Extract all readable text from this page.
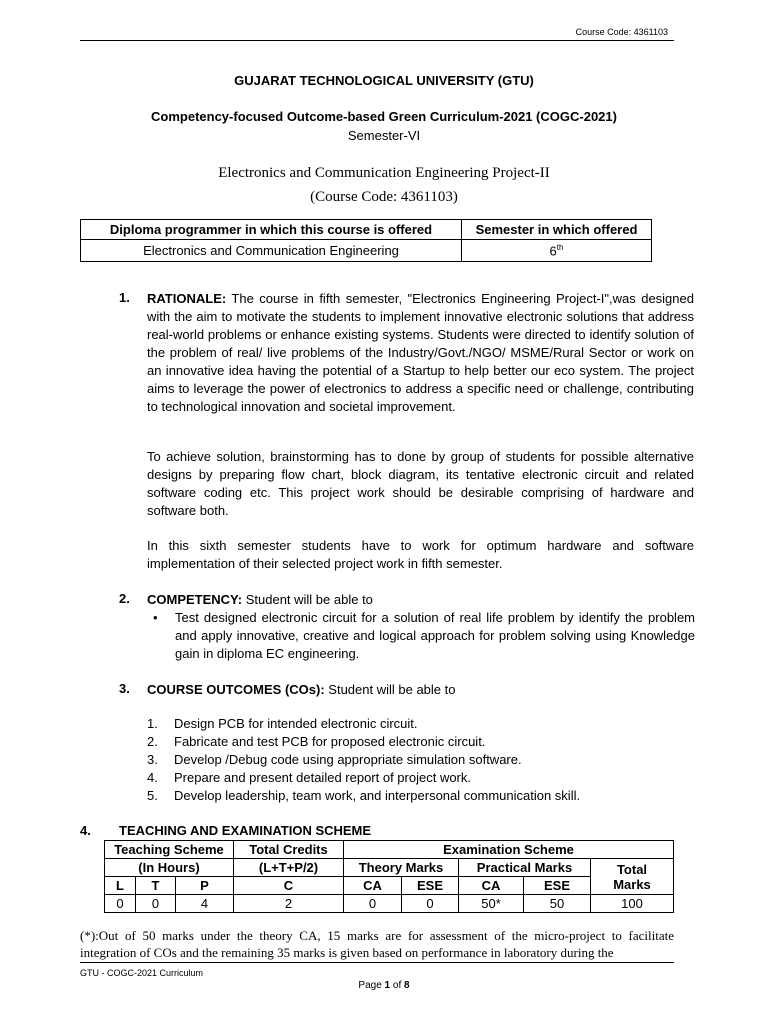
Course Code: 4361103
GUJARAT TECHNOLOGICAL UNIVERSITY (GTU)
Competency-focused Outcome-based Green Curriculum-2021 (COGC-2021)
Semester-VI
Electronics and Communication Engineering Project-II
(Course Code: 4361103)
Diploma programmer in which this course is offered	Semester in which offered
Electronics and Communication Engineering	6th
1. RATIONALE: The course in fifth semester, "Electronics Engineering Project-I",was designed with the aim to motivate the students to implement innovative electronic solutions that address real-world problems or enhance existing systems. Students were directed to identify solution of the problem of real/ live problems of the Industry/Govt./NGO/ MSME/Rural Sector or work on an innovative idea having the potential of a Startup to help better our eco system. The project aims to leverage the power of electronics to address a specific need or challenge, contributing to technological innovation and societal improvement.
To achieve solution, brainstorming has to done by group of students for possible alternative designs by preparing flow chart, block diagram, its tentative electronic circuit and related software coding etc. This project work should be desirable comprising of hardware and software both.
In this sixth semester students have to work for optimum hardware and software implementation of their selected project work in fifth semester.
2. COMPETENCY: Student will be able to
•	Test designed electronic circuit for a solution of real life problem by identify the problem and apply innovative, creative and logical approach for problem solving using Knowledge gain in diploma EC engineering.
3. COURSE OUTCOMES (COs): Student will be able to
1.	Design PCB for intended electronic circuit.
2.	Fabricate and test PCB for proposed electronic circuit.
3.	Develop /Debug code using appropriate simulation software.
4.	Prepare and present detailed report of project work.
5.	Develop leadership, team work, and interpersonal communication skill.
4. TEACHING AND EXAMINATION SCHEME
Teaching Scheme			Total Credits	Examination Scheme				
(In Hours)			(L+T+P/2)	Theory Marks		Practical Marks		Total
Marks
L	T	P	C	CA	ESE	CA	ESE	
0	0	4	2	0	0	50*	50	100
(*):Out of 50 marks under the theory CA, 15 marks are for assessment of the micro-project to facilitate integration of COs and the remaining 35 marks is given based on performance in laboratory during the
GTU - COGC-2021 Curriculum
Page 1 of 8
